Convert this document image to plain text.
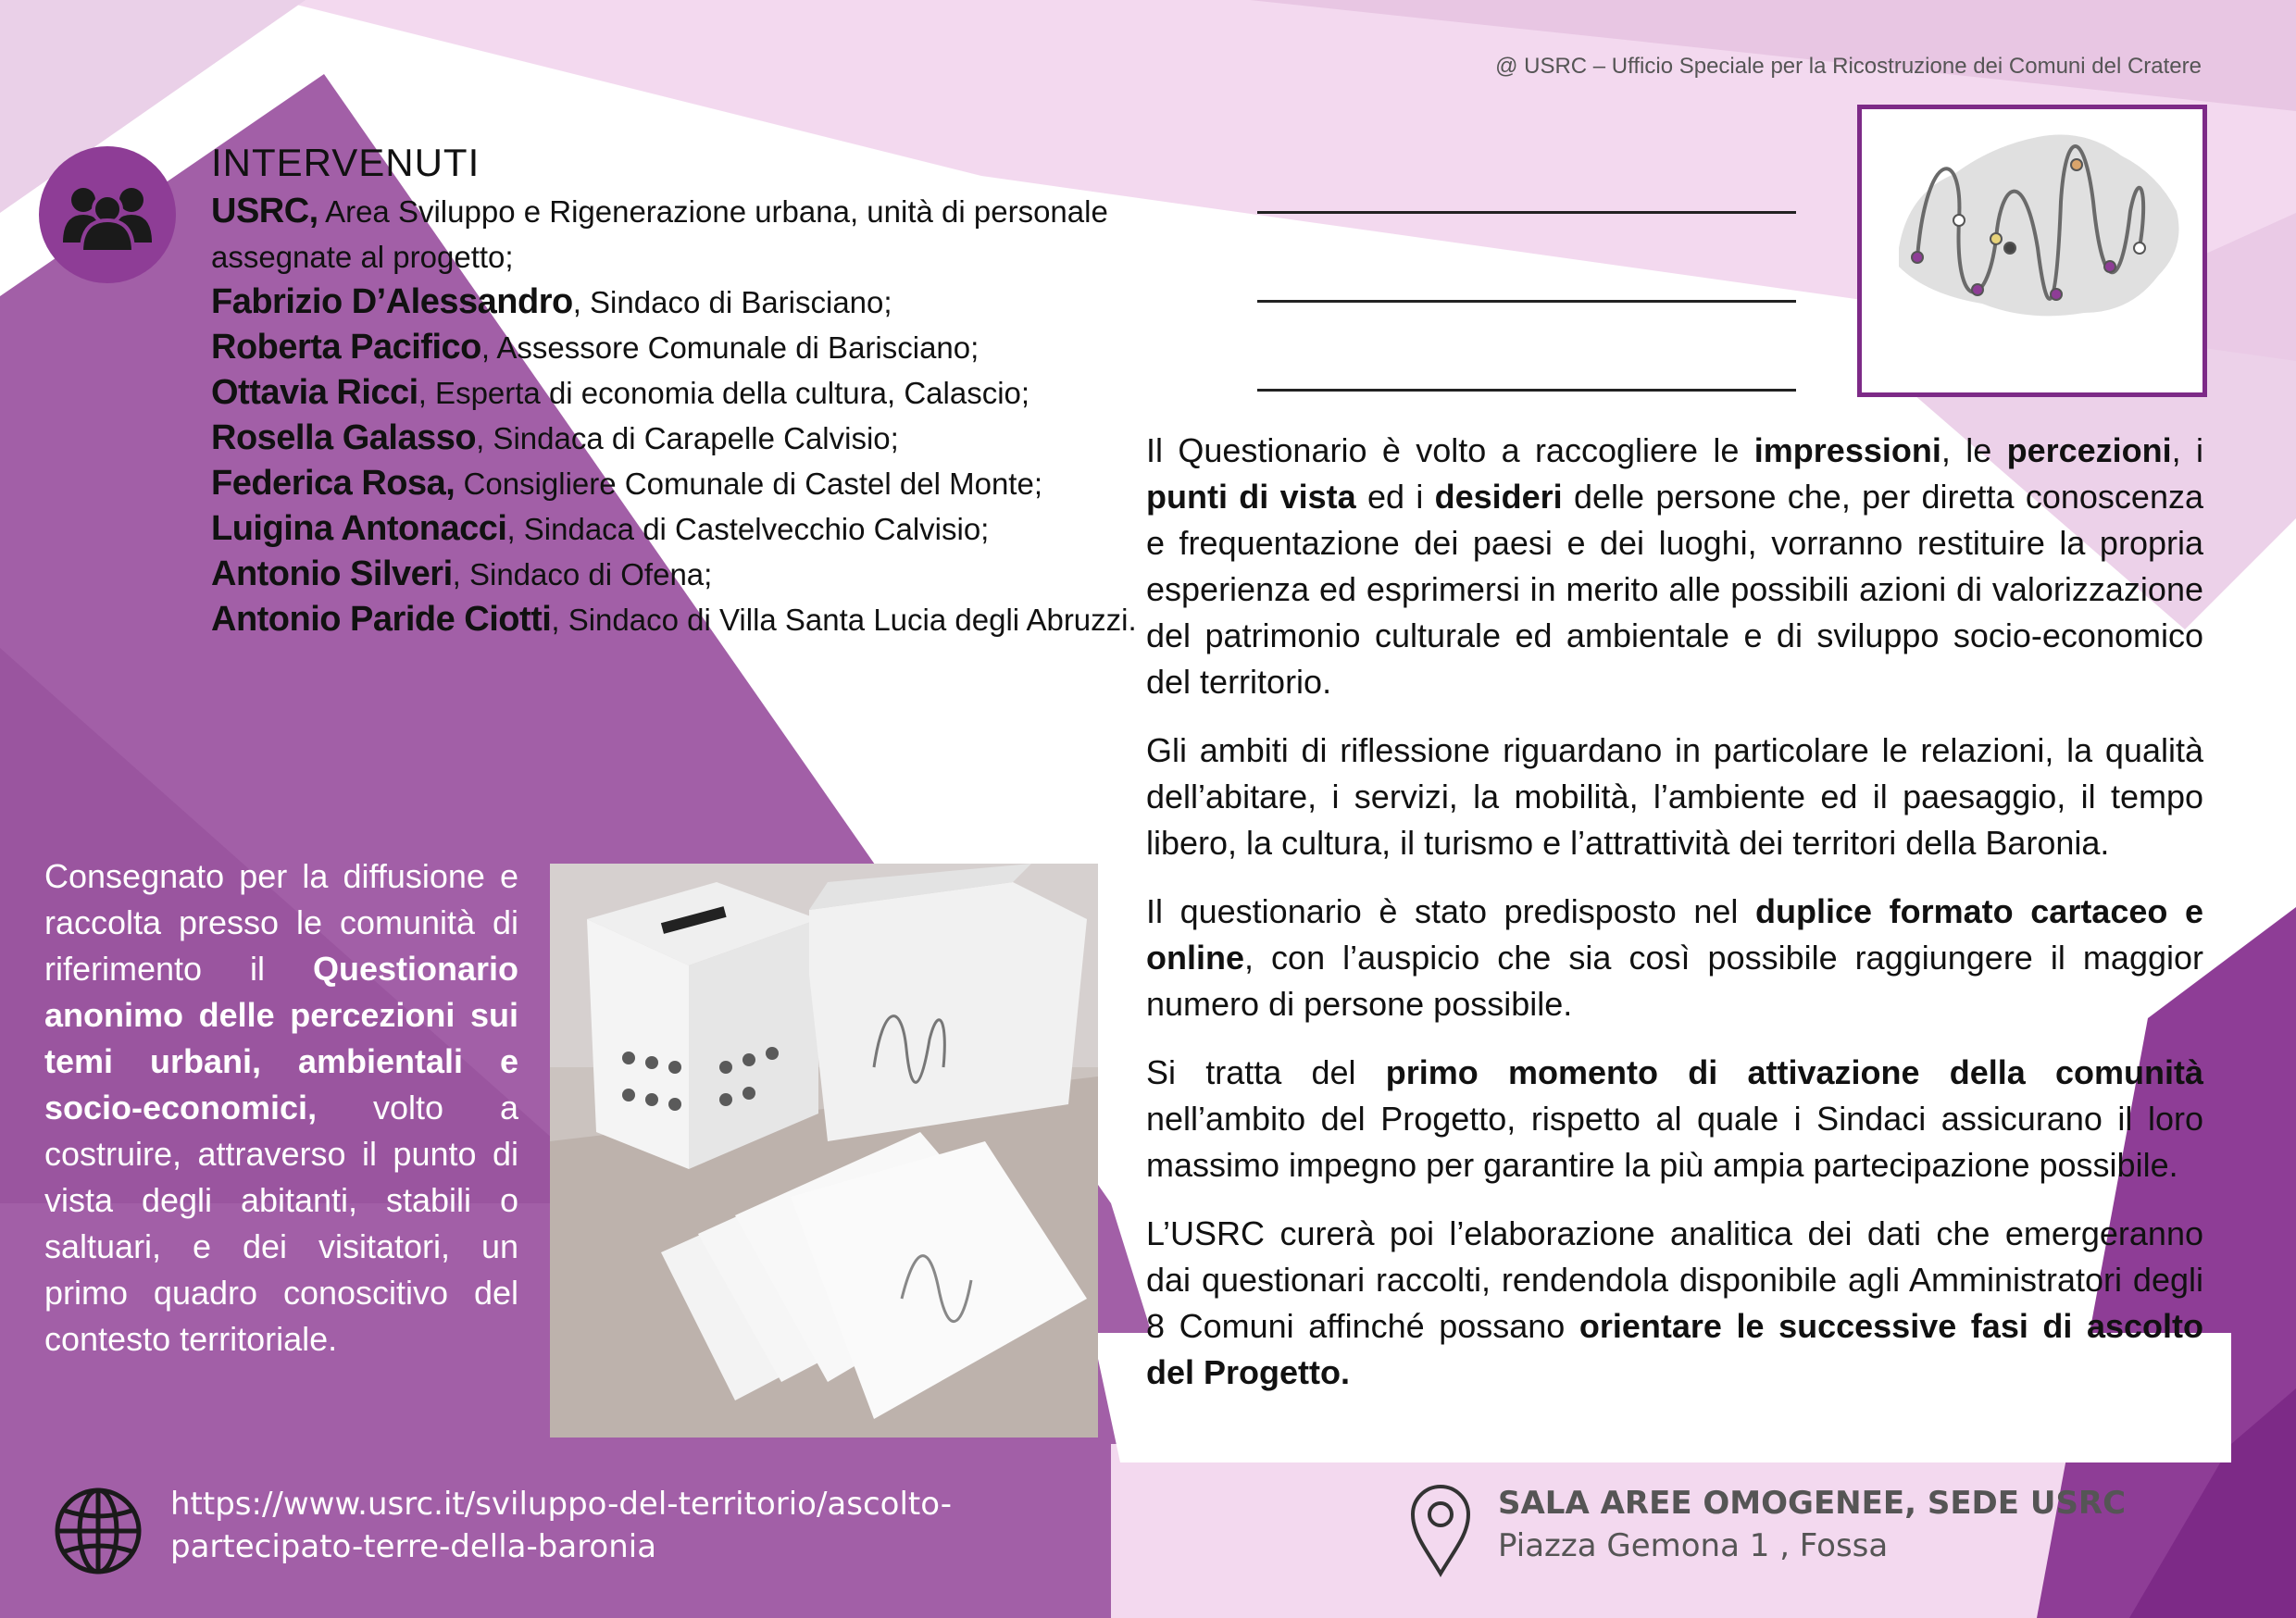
@ USRC – Ufficio Speciale per la Ricostruzione dei Comuni del Cratere
INTERVENUTI
USRC, Area Sviluppo e Rigenerazione urbana, unità di personale assegnate al progetto;
Fabrizio D’Alessandro, Sindaco di Barisciano;
Roberta Pacifico, Assessore Comunale di Barisciano;
Ottavia Ricci, Esperta di economia della cultura, Calascio;
Rosella Galasso, Sindaca di Carapelle Calvisio;
Federica Rosa, Consigliere Comunale di Castel del Monte;
Luigina Antonacci, Sindaca di Castelvecchio Calvisio;
Antonio Silveri, Sindaco di Ofena;
Antonio Paride Ciotti, Sindaco di Villa Santa Lucia degli Abruzzi.

Il Questionario è volto a raccogliere le impressioni, le percezioni, i punti di vista ed i desideri delle persone che, per diretta conoscenza e frequentazione dei paesi e dei luoghi, vorranno restituire la propria esperienza ed esprimersi in merito alle possibili azioni di valorizzazione del patrimonio culturale ed ambientale e di sviluppo socio-economico del territorio.

Gli ambiti di riflessione riguardano in particolare le relazioni, la qualità dell’abitare, i servizi, la mobilità, l’ambiente ed il paesaggio, il tempo libero, la cultura, il turismo e l’attrattività dei territori della Baronia.

Il questionario è stato predisposto nel duplice formato cartaceo e online, con l’auspicio che sia così possibile raggiungere il maggior numero di persone possibile.

Si tratta del primo momento di attivazione della comunità nell’ambito del Progetto, rispetto al quale i Sindaci assicurano il loro massimo impegno per garantire la più ampia partecipazione possibile.

L’USRC curerà poi l’elaborazione analitica dei dati che emergeranno dai questionari raccolti, rendendola disponibile agli Amministratori degli 8 Comuni affinché possano orientare le successive fasi di ascolto del Progetto.

Consegnato per la diffusione e raccolta presso le comunità di riferimento il Questionario anonimo delle percezioni sui temi urbani, ambientali e socio-economici, volto a costruire, attraverso il punto di vista degli abitanti, stabili o saltuari, e dei visitatori, un primo quadro conoscitivo del contesto territoriale.
https://www.usrc.it/sviluppo-del-territorio/ascolto-partecipato-terre-della-baronia
SALA AREE OMOGENEE, SEDE USRC
Piazza Gemona 1 , Fossa
